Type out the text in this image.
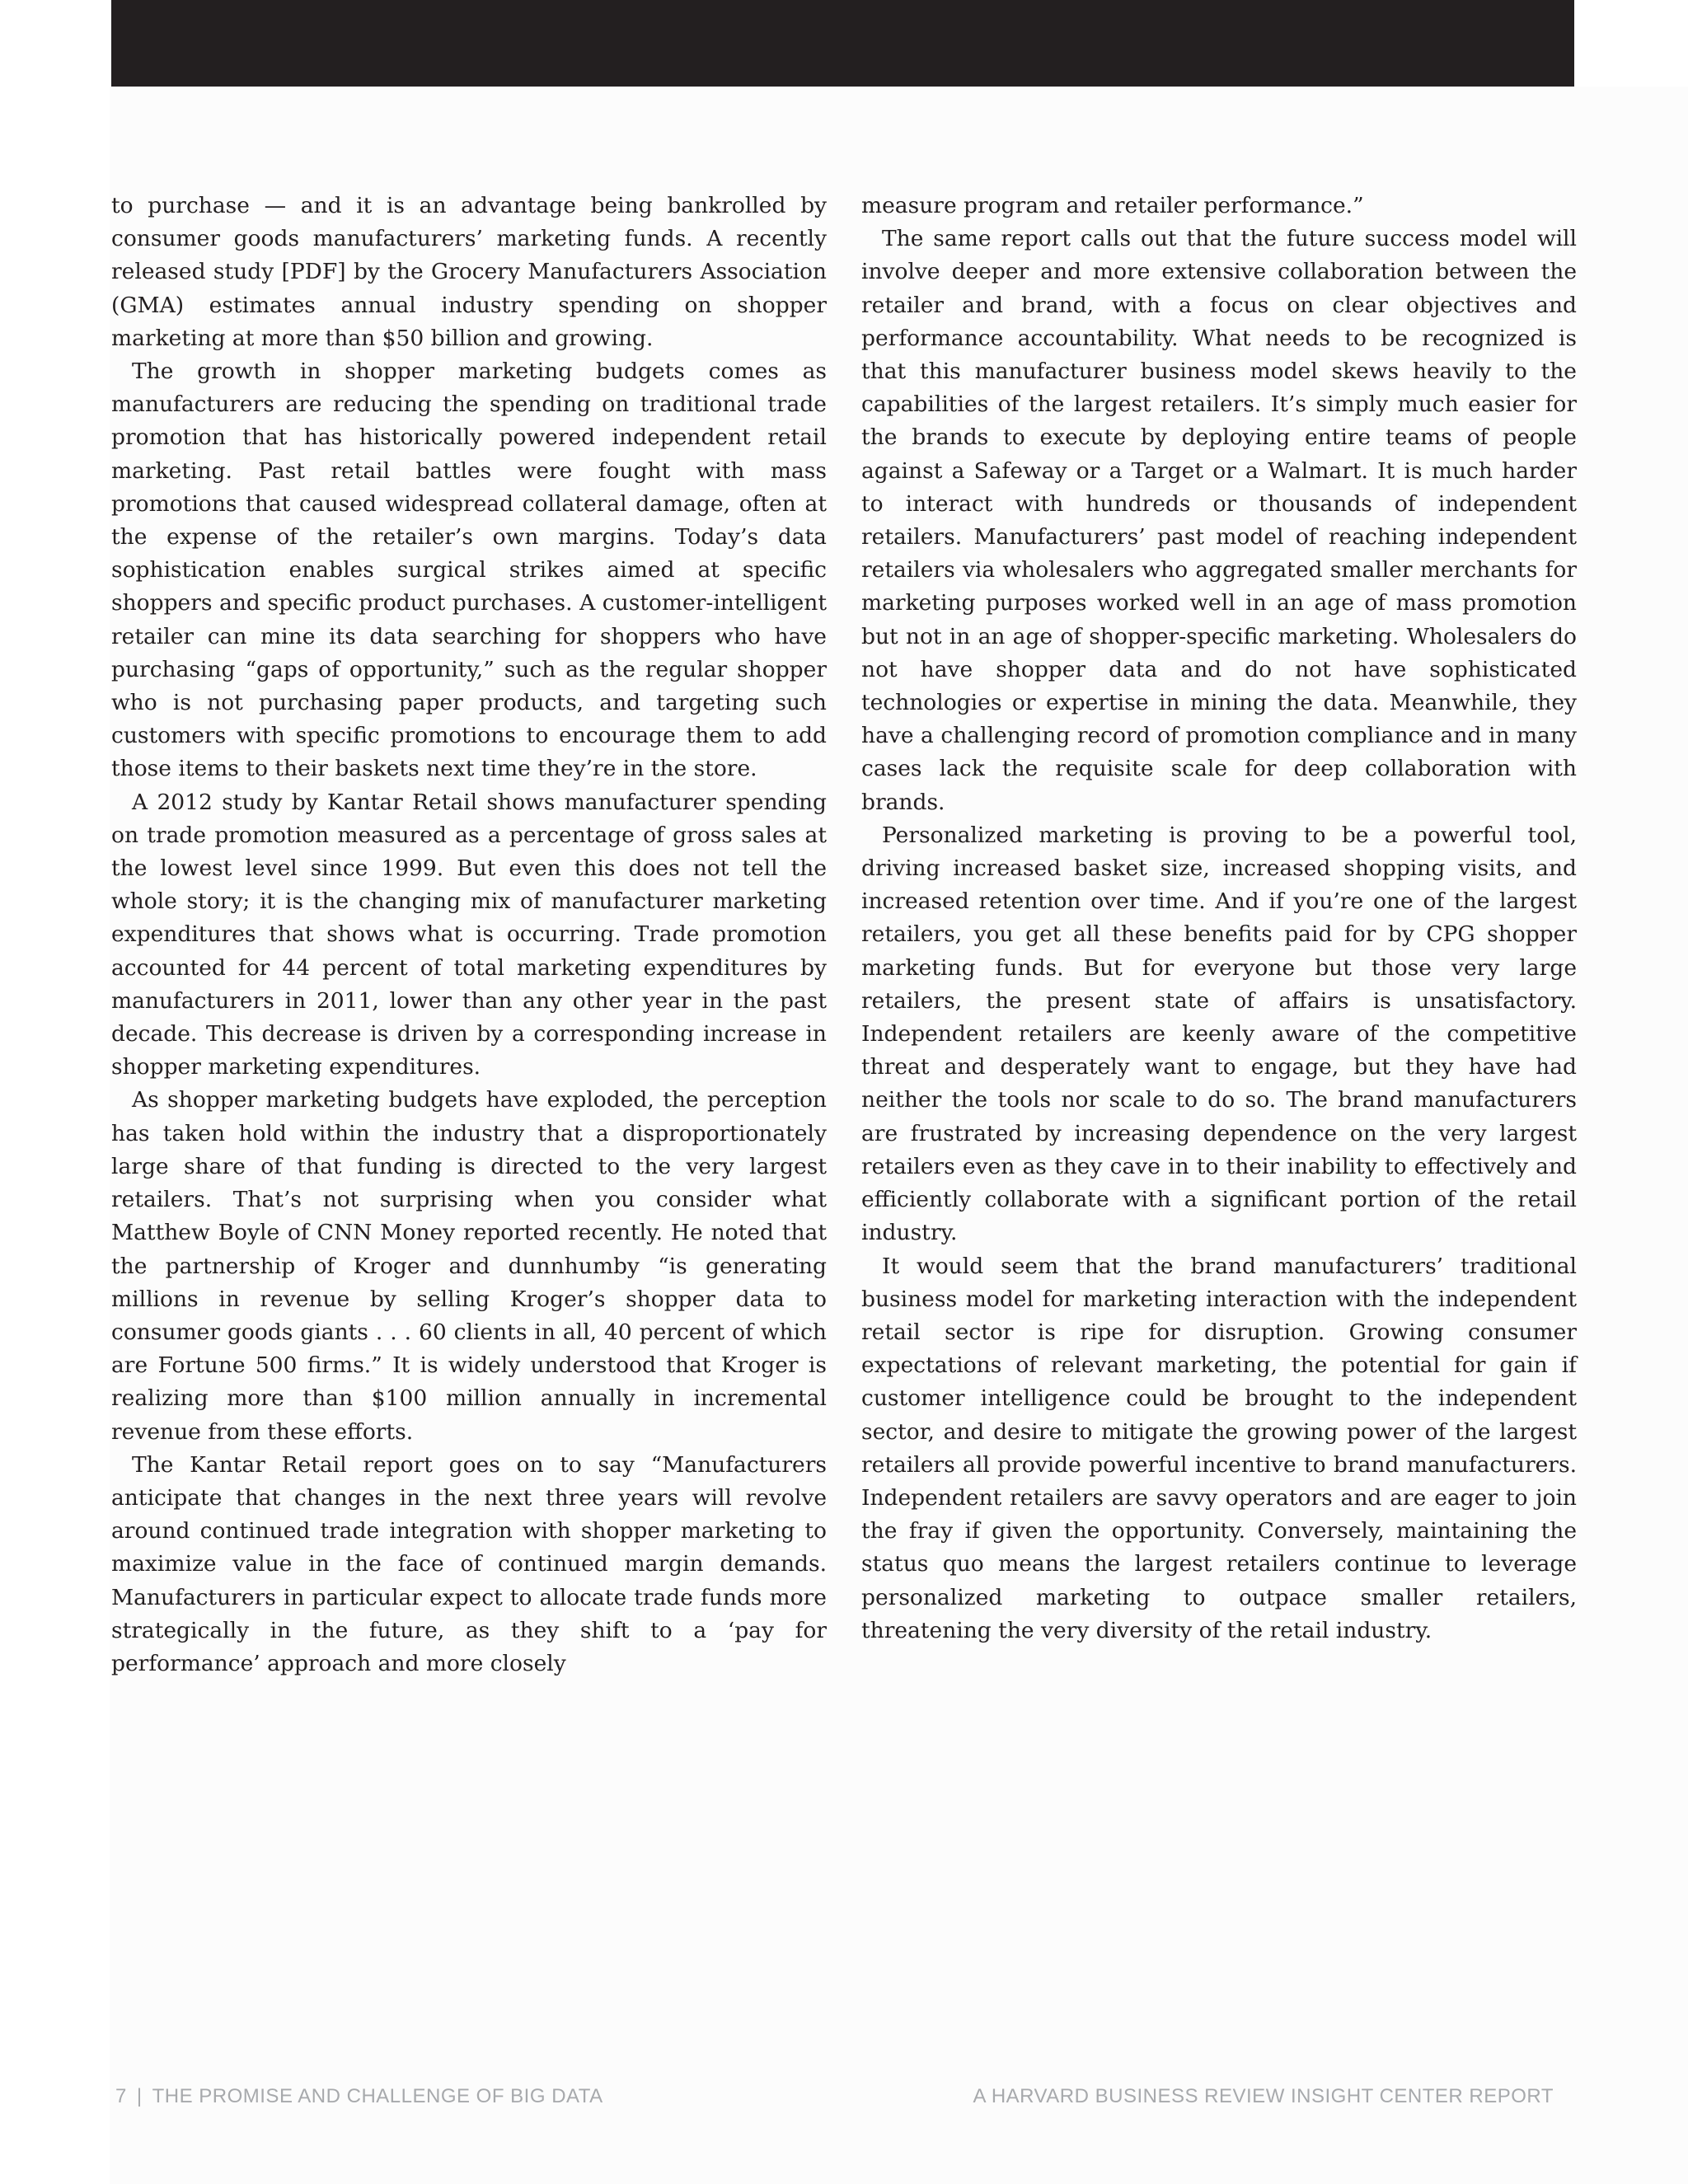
to purchase — and it is an advantage being bankrolled by consumer goods manufacturers’ marketing funds. A recently released study [PDF] by the Grocery Manufacturers Association (GMA) estimates annual industry spending on shopper marketing at more than $50 billion and growing.

The growth in shopper marketing budgets comes as manufacturers are reducing the spending on traditional trade promotion that has historically powered independent retail marketing. Past retail battles were fought with mass promotions that caused widespread collateral damage, often at the expense of the retailer’s own margins. Today’s data sophistication enables surgical strikes aimed at specific shoppers and specific product purchases. A customer-intelligent retailer can mine its data searching for shoppers who have purchasing “gaps of opportunity,” such as the regular shopper who is not purchasing paper products, and targeting such customers with specific promotions to encourage them to add those items to their baskets next time they’re in the store.

A 2012 study by Kantar Retail shows manufacturer spending on trade promotion measured as a percentage of gross sales at the lowest level since 1999. But even this does not tell the whole story; it is the changing mix of manufacturer marketing expenditures that shows what is occurring. Trade promotion accounted for 44 percent of total marketing expenditures by manufacturers in 2011, lower than any other year in the past decade. This decrease is driven by a corresponding increase in shopper marketing expenditures.

As shopper marketing budgets have exploded, the perception has taken hold within the industry that a disproportionately large share of that funding is directed to the very largest retailers. That’s not surprising when you consider what Matthew Boyle of CNN Money reported recently. He noted that the partnership of Kroger and dunnhumby “is generating millions in revenue by selling Kroger’s shopper data to consumer goods giants . . . 60 clients in all, 40 percent of which are Fortune 500 firms.” It is widely understood that Kroger is realizing more than $100 million annually in incremental revenue from these efforts.

The Kantar Retail report goes on to say “Manufacturers anticipate that changes in the next three years will revolve around continued trade integration with shopper marketing to maximize value in the face of continued margin demands. Manufacturers in particular expect to allocate trade funds more strategically in the future, as they shift to a ‘pay for performance’ approach and more closely

measure program and retailer performance.”

The same report calls out that the future success model will involve deeper and more extensive collaboration between the retailer and brand, with a focus on clear objectives and performance accountability. What needs to be recognized is that this manufacturer business model skews heavily to the capabilities of the largest retailers. It’s simply much easier for the brands to execute by deploying entire teams of people against a Safeway or a Target or a Walmart. It is much harder to interact with hundreds or thousands of independent retailers. Manufacturers’ past model of reaching independent retailers via wholesalers who aggregated smaller merchants for marketing purposes worked well in an age of mass promotion but not in an age of shopper-specific marketing. Wholesalers do not have shopper data and do not have sophisticated technologies or expertise in mining the data. Meanwhile, they have a challenging record of promotion compliance and in many cases lack the requisite scale for deep collaboration with brands.

Personalized marketing is proving to be a powerful tool, driving increased basket size, increased shopping visits, and increased retention over time. And if you’re one of the largest retailers, you get all these benefits paid for by CPG shopper marketing funds. But for everyone but those very large retailers, the present state of affairs is unsatisfactory. Independent retailers are keenly aware of the competitive threat and desperately want to engage, but they have had neither the tools nor scale to do so. The brand manufacturers are frustrated by increasing dependence on the very largest retailers even as they cave in to their inability to effectively and efficiently collaborate with a significant portion of the retail industry.

It would seem that the brand manufacturers’ traditional business model for marketing interaction with the independent retail sector is ripe for disruption. Growing consumer expectations of relevant marketing, the potential for gain if customer intelligence could be brought to the independent sector, and desire to mitigate the growing power of the largest retailers all provide powerful incentive to brand manufacturers. Independent retailers are savvy operators and are eager to join the fray if given the opportunity. Conversely, maintaining the status quo means the largest retailers continue to leverage personalized marketing to outpace smaller retailers, threatening the very diversity of the retail industry.

7 | THE PROMISE AND CHALLENGE OF BIG DATA	A HARVARD BUSINESS REVIEW INSIGHT CENTER REPORT
